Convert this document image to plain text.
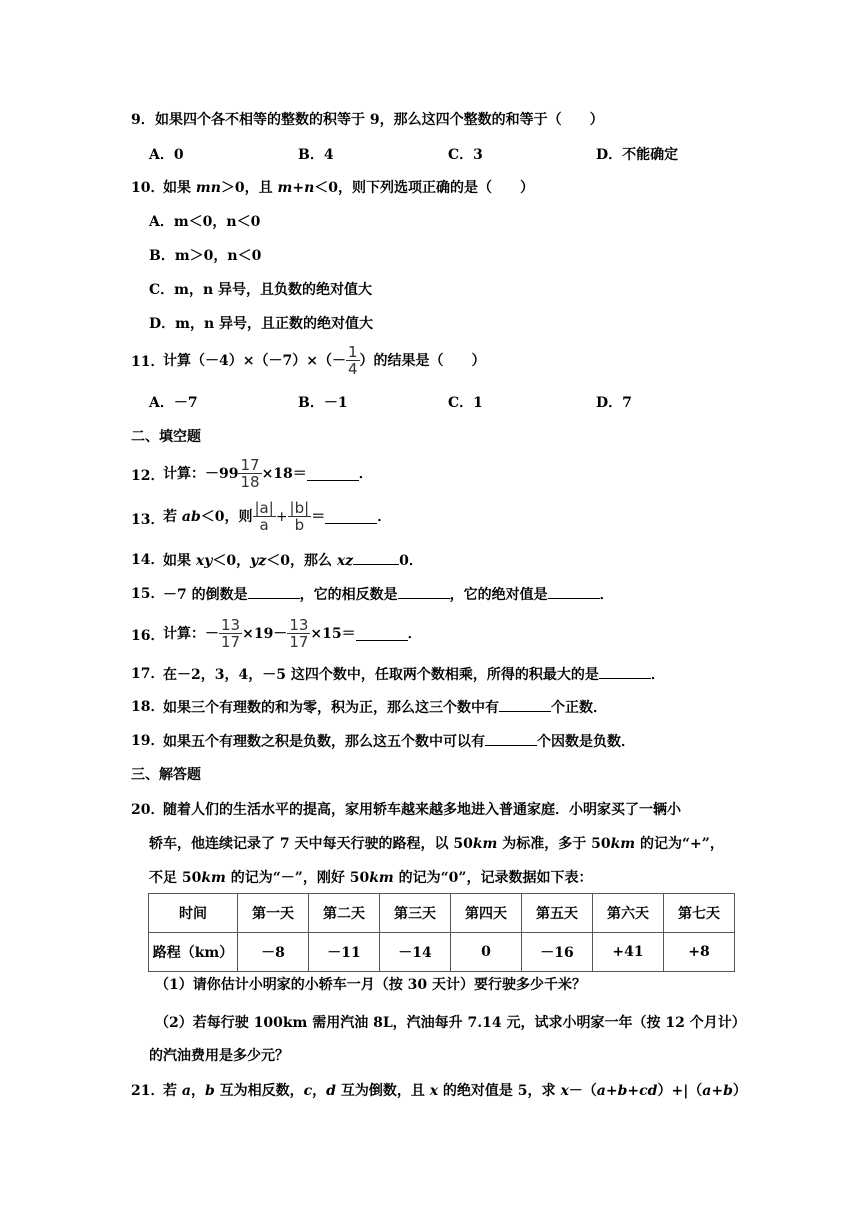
9． 如果四个各不相等的整数的积等于 9，那么这四个整数的和等于（　　）
A．0	B．4	C．3	D．不能确定
10．
如果 mn＞0，且 m+n＜0，则下列选项正确的是（　　）
A．m＜0，n＜0
B．m＞0，n＜0
C．m，n 异号，且负数的绝对值大
D．m，n 异号，且正数的绝对值大
11．
计算$(-4)\times(-7)\times(- \frac{1}{4}$ ）的结果是（　　）
A．－7	B．－1	C．1	D．7
二、填空题
12．
计算：$-99 \frac{17}{18} \times 18=$	．
13．
若 ab＜0，则 $\frac{|a|}{a} + \frac{|b|}{b}$ ＝	．
14．
如果 xy＜0，yz＜0，那么 xz	0．
15．
－7 的倒数是	，它的相反数是	，它的绝对值是	．
16．
计算：－ $\frac{13}{17} \times 19- \frac{13}{17} \times 15=$	．
17．
在－2，3，4，－5 这四个数中，任取两个数相乘，所得的积最大的是	．
18．
如果三个有理数的和为零，积为正，那么这三个数中有	个正数．
19．
如果五个有理数之积是负数，那么这五个数中可以有	个因数是负数．
三、解答题
20．
随着人们的生活水平的提高，家用轿车越来越多地进入普通家庭．小明家买了一辆小
轿车，他连续记录了 7 天中每天行驶的路程，以 50km 为标准，多于 50km 的记为“+”，
不足 50km 的记为“－”，刚好 50km 的记为“0”，记录数据如下表：
时间	第一天	第二天	第三天	第四天	第五天	第六天	第七天
路程（km）	－8	－11	－14	0	－16	+41	+8
（1）请你估计小明家的小轿车一月（按 30 天计）要行驶多少千米？
（2）若每行驶 100km 需用汽油 8L，汽油每升 7.14 元，试求小明家一年（按 12 个月计）
的汽油费用是多少元？
21．
若 a，b 互为相反数，c，d 互为倒数，且 x 的绝对值是 5，求 x－（a+b+cd）+|（a+b）
